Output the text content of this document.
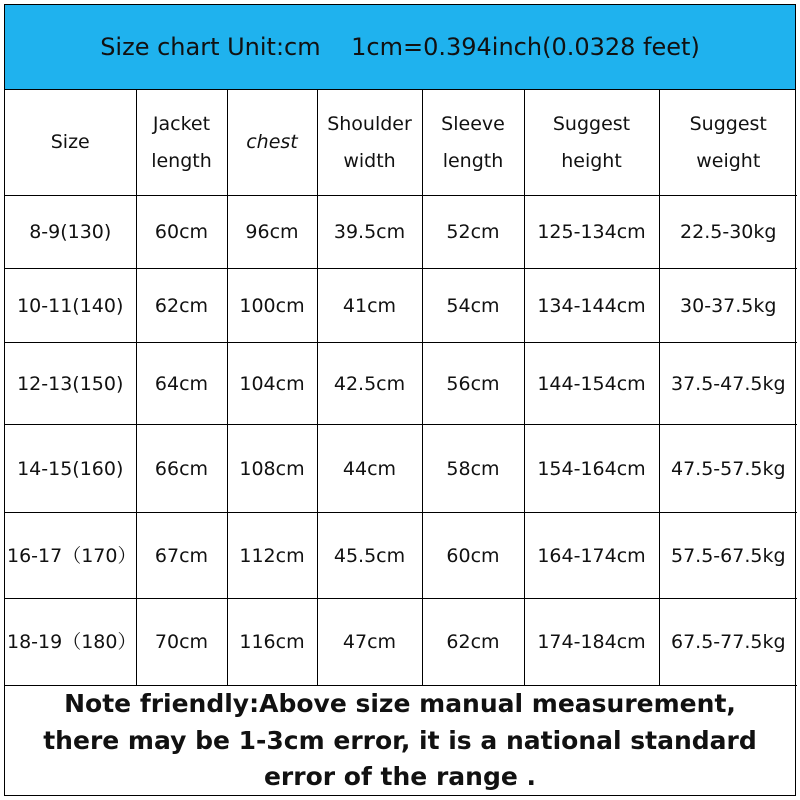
Size chart Unit:cm    1cm=0.394inch(0.0328 feet)
Size	Jacket length	chest	Shoulder width	Sleeve length	Suggest height	Suggest weight
8-9(130)	60cm	96cm	39.5cm	52cm	125-134cm	22.5-30kg
10-11(140)	62cm	100cm	41cm	54cm	134-144cm	30-37.5kg
12-13(150)	64cm	104cm	42.5cm	56cm	144-154cm	37.5-47.5kg
14-15(160)	66cm	108cm	44cm	58cm	154-164cm	47.5-57.5kg
16-17（170）	67cm	112cm	45.5cm	60cm	164-174cm	57.5-67.5kg
18-19（180）	70cm	116cm	47cm	62cm	174-184cm	67.5-77.5kg
Note friendly:Above size manual measurement, there may be 1-3cm error, it is a national standard error of the range .
